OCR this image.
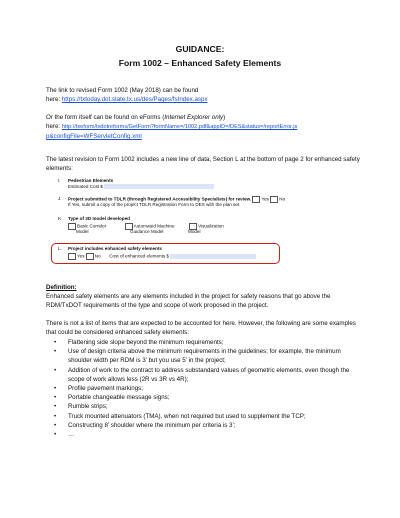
GUIDANCE:
Form 1002 – Enhanced Safety Elements
The link to revised Form 1002 (May 2018) can be found
here: https://txtoday.dot.state.tx.us/des/Pages/fsIndex.aspx
Or the form itself can be found on eForms (Internet Explorer only)
here: http://txeform/txdotreforms/GetForm?formName=/1002.pdf&appID=/DES&status=/reportError.js
p&configFile=WFServletConfig.xml
The latest revision to Form 1002 includes a new line of data, Section L at the bottom of page 2 for enhanced safety elements:
I. Pedestrian Elements
Estimated Cost $
J. Project submitted to TDLR (through Registered Accessibility Specialists) for review. Yes No
If Yes, submit a copy of the project TDLR Registration Form to DES with the plan set.
K. Type of 3D model developed
Basic Corridor	Automated Machine	Visualization
Model	Guidance Model	Model
L. Project includes enhanced safety elements
Yes No Cost of enhanced elements $
Definition:
Enhanced safety elements are any elements included in the project for safety reasons that go above the RDM/TxDOT requirements of the type and scope of work proposed in the project.
There is not a list of items that are expected to be accounted for here. However, the following are some examples that could be considered enhanced safety elements:
• Flattening side slope beyond the minimum requirements;
• Use of design criteria above the minimum requirements in the guidelines; for example, the minimum shoulder width per RDM is 3’ but you use 5’ in the project;
• Addition of work to the contract to address substandard values of geometric elements, even though the scope of work allows less (2R vs 3R vs 4R);
• Profile pavement markings;
• Portable changeable message signs;
• Rumble strips;
• Truck mounted attenuators (TMA), when not required but used to supplement the TCP;
• Constructing 8’ shoulder where the minimum per criteria is 3’;
• …
